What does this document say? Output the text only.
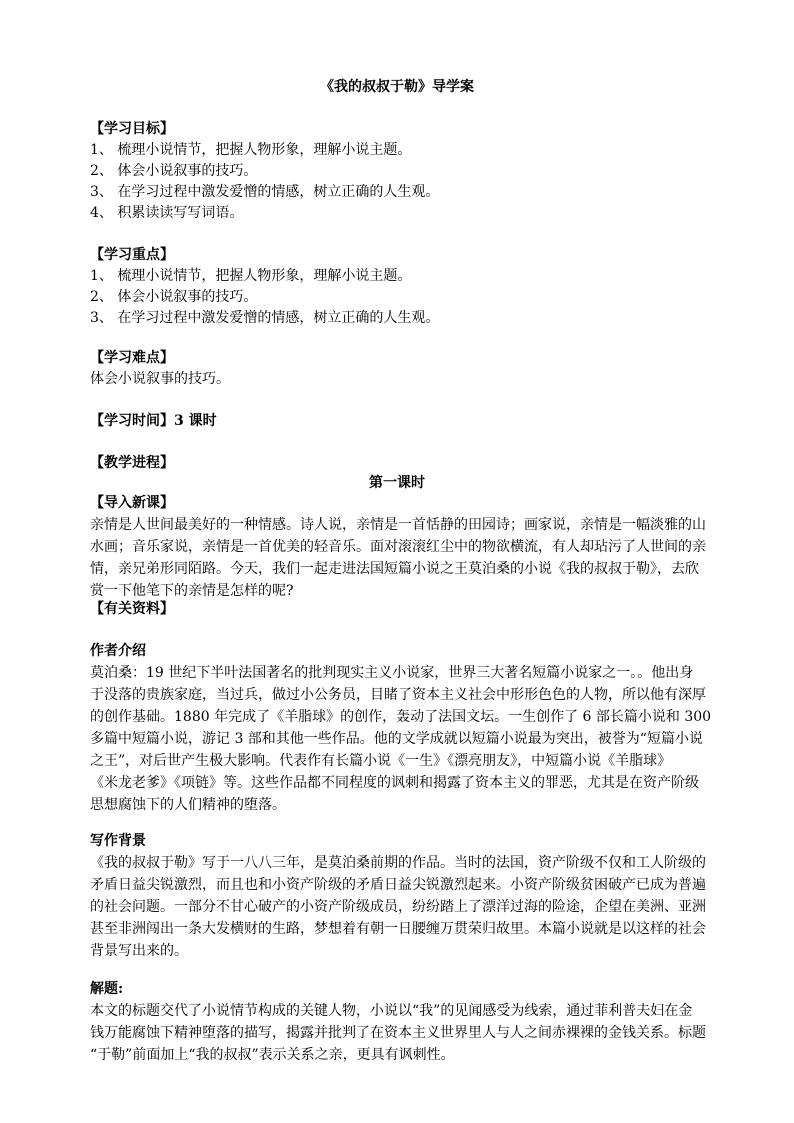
《我的叔叔于勒》导学案
【学习目标】
1、 梳理小说情节，把握人物形象，理解小说主题。
2、 体会小说叙事的技巧。
3、 在学习过程中激发爱憎的情感，树立正确的人生观。
4、 积累读读写写词语。
【学习重点】
1、 梳理小说情节，把握人物形象，理解小说主题。
2、 体会小说叙事的技巧。
3、 在学习过程中激发爱憎的情感，树立正确的人生观。
【学习难点】
体会小说叙事的技巧。
【学习时间】3 课时
【教学进程】
第一课时
【导入新课】
亲情是人世间最美好的一种情感。诗人说，亲情是一首恬静的田园诗；画家说，亲情是一幅淡雅的山
水画；音乐家说，亲情是一首优美的轻音乐。面对滚滚红尘中的物欲横流，有人却玷污了人世间的亲
情，亲兄弟形同陌路。今天，我们一起走进法国短篇小说之王莫泊桑的小说《我的叔叔于勒》，去欣
赏一下他笔下的亲情是怎样的呢?
【有关资料】
作者介绍
莫泊桑：19 世纪下半叶法国著名的批判现实主义小说家，世界三大著名短篇小说家之一。。他出身
于没落的贵族家庭，当过兵，做过小公务员，目睹了资本主义社会中形形色色的人物，所以他有深厚
的创作基础。1880 年完成了《羊脂球》的创作，轰动了法国文坛。一生创作了 6 部长篇小说和 300
多篇中短篇小说，游记 3 部和其他一些作品。他的文学成就以短篇小说最为突出，被誉为“短篇小说
之王”，对后世产生极大影响。代表作有长篇小说《一生》《漂亮朋友》，中短篇小说《羊脂球》
《米龙老爹》《项链》等。这些作品都不同程度的讽刺和揭露了资本主义的罪恶，尤其是在资产阶级
思想腐蚀下的人们精神的堕落。
写作背景
《我的叔叔于勒》写于一八八三年，是莫泊桑前期的作品。当时的法国，资产阶级不仅和工人阶级的
矛盾日益尖锐激烈，而且也和小资产阶级的矛盾日益尖锐激烈起来。小资产阶级贫困破产已成为普遍
的社会问题。一部分不甘心破产的小资产阶级成员，纷纷踏上了漂洋过海的险途，企望在美洲、亚洲
甚至非洲闯出一条大发横财的生路，梦想着有朝一日腰缠万贯荣归故里。本篇小说就是以这样的社会
背景写出来的。
解题:
本文的标题交代了小说情节构成的关键人物，小说以“我”的见闻感受为线索，通过菲利普夫妇在金
钱万能腐蚀下精神堕落的描写，揭露并批判了在资本主义世界里人与人之间赤裸裸的金钱关系。标题
“于勒”前面加上“我的叔叔”表示关系之亲，更具有讽刺性。
